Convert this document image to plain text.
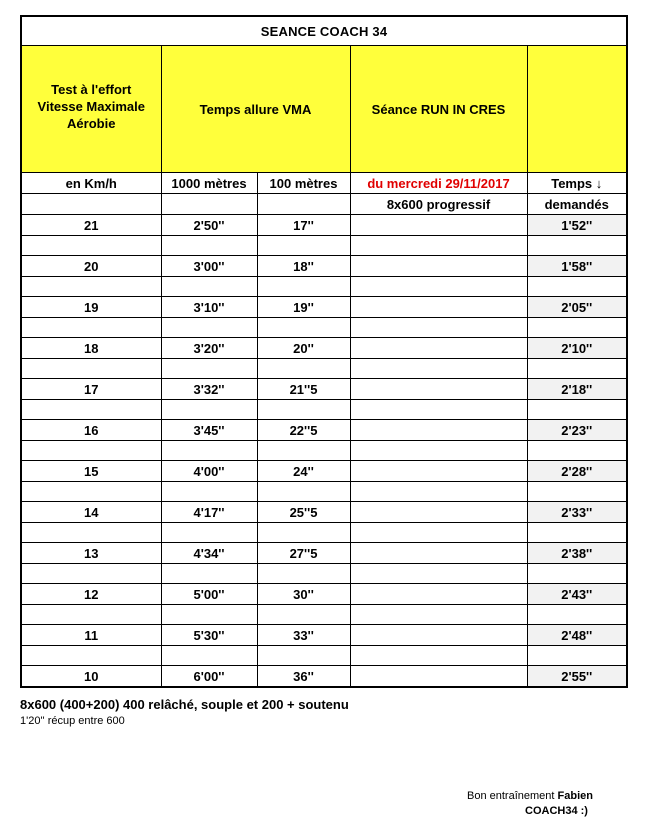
SEANCE COACH 34				

Test à l'effort
Vitesse Maximale
Aérobie	Temps allure VMA		Séance RUN IN CRES	
en Km/h	1000 mètres	100 mètres	du mercredi 29/11/2017	Temps ↓
			8x600 progressif	demandés
21	2'50''	17''		1'52''

20	3'00''	18''		1'58''

19	3'10''	19''		2'05''

18	3'20''	20''		2'10''

17	3'32''	21''5		2'18''

16	3'45''	22''5		2'23''

15	4'00''	24''		2'28''

14	4'17''	25''5		2'33''

13	4'34''	27''5		2'38''

12	5'00''	30''		2'43''

11	5'30''	33''		2'48''

10	6'00''	36''		2'55''
8x600 (400+200) 400 relâché, souple et 200 + soutenu
1'20'' récup entre 600
Bon entraînement Fabien
COACH34 :)
